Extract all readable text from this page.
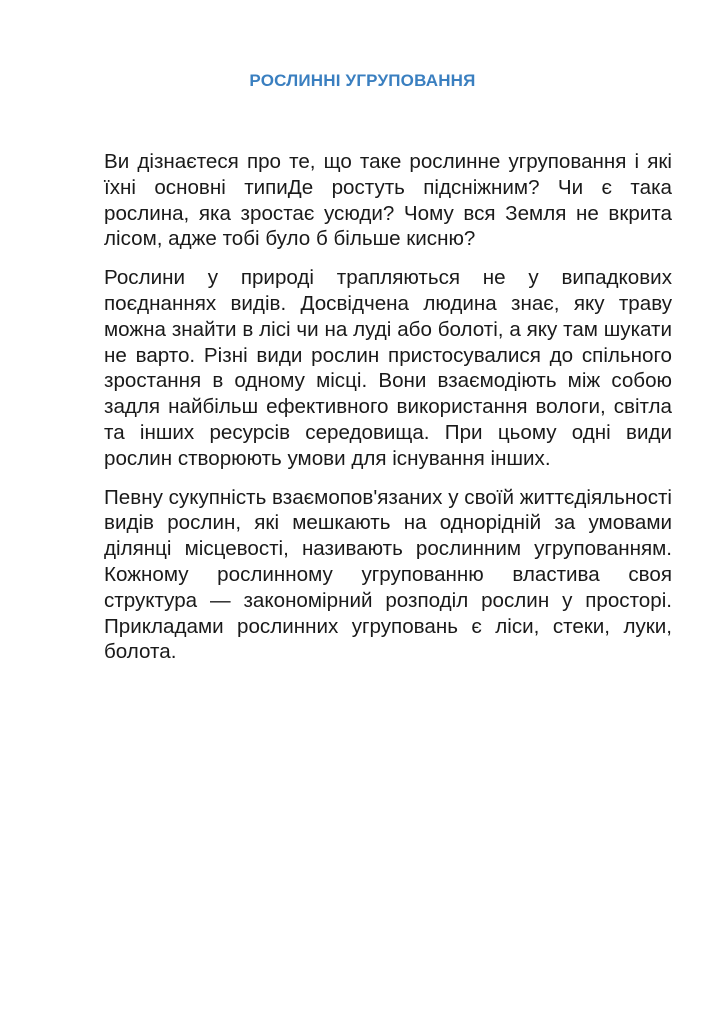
РОСЛИННІ УГРУПОВАННЯ

Ви дізнаєтеся про те, що таке рослинне угруповання і які їхні основні типиДе ростуть підсніжним? Чи є така рослина, яка зростає усюди? Чому вся Земля не вкрита лісом, адже тобі було б більше кисню?

Рослини у природі трапляються не у випадкових поєднаннях видів. Досвідчена людина знає, яку траву можна знайти в лісі чи на луді або болоті, а яку там шукати не варто. Різні види рослин пристосувалися до спільного зростання в одному місці. Вони взаємодіють між собою задля найбільш ефективного використання вологи, світла та інших ресурсів середовища. При цьому одні види рослин створюють умови для існування інших.

Певну сукупність взаємопов'язаних у своїй життєдіяльності видів рослин, які мешкають на однорідній за умовами ділянці місцевості, називають рослинним угрупованням. Кожному рослинному угрупованню властива своя структура — закономірний розподіл рослин у просторі. Прикладами рослинних угруповань є ліси, стеки, луки, болота.
